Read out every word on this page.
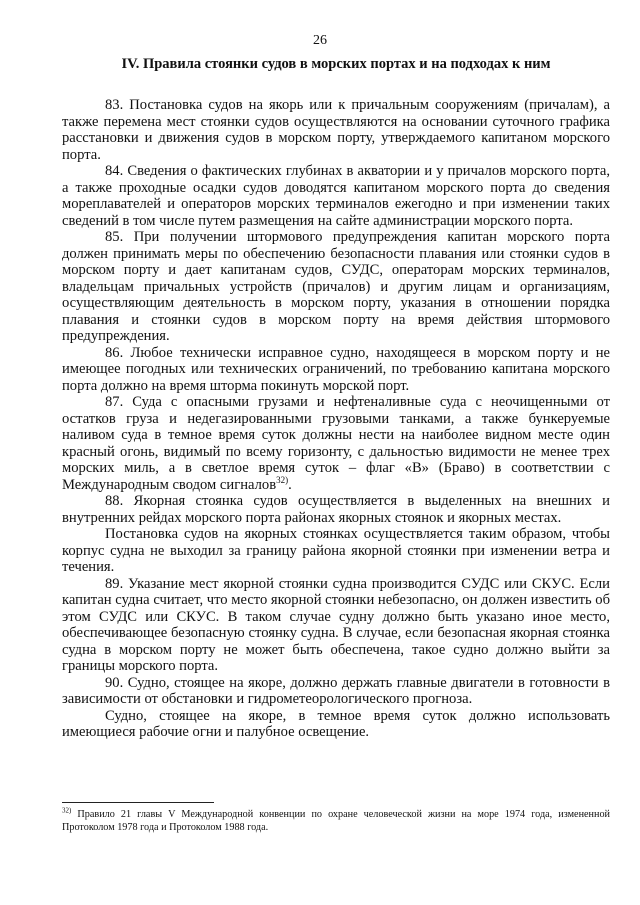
26
IV. Правила стоянки судов в морских портах и на подходах к ним

83. Постановка судов на якорь или к причальным сооружениям (причалам), а также перемена мест стоянки судов осуществляются на основании суточного графика расстановки и движения судов в морском порту, утверждаемого капитаном морского порта.

84. Сведения о фактических глубинах в акватории и у причалов морского порта, а также проходные осадки судов доводятся капитаном морского порта до сведения мореплавателей и операторов морских терминалов ежегодно и при изменении таких сведений в том числе путем размещения на сайте администрации морского порта.

85. При получении штормового предупреждения капитан морского порта должен принимать меры по обеспечению безопасности плавания или стоянки судов в морском порту и дает капитанам судов, СУДС, операторам морских терминалов, владельцам причальных устройств (причалов) и другим лицам и организациям, осуществляющим деятельность в морском порту, указания в отношении порядка плавания и стоянки судов в морском порту на время действия штормового предупреждения.

86. Любое технически исправное судно, находящееся в морском порту и не имеющее погодных или технических ограничений, по требованию капитана морского порта должно на время шторма покинуть морской порт.

87. Суда с опасными грузами и нефтеналивные суда с неочищенными от остатков груза и недегазированными грузовыми танками, а также бункеруемые наливом суда в темное время суток должны нести на наиболее видном месте один красный огонь, видимый по всему горизонту, с дальностью видимости не менее трех морских миль, а в светлое время суток – флаг «В» (Браво) в соответствии с Международным сводом сигналов$^{32)}$.

88. Якорная стоянка судов осуществляется в выделенных на внешних и внутренних рейдах морского порта районах якорных стоянок и якорных местах.

Постановка судов на якорных стоянках осуществляется таким образом, чтобы корпус судна не выходил за границу района якорной стоянки при изменении ветра и течения.

89. Указание мест якорной стоянки судна производится СУДС или СКУС. Если капитан судна считает, что место якорной стоянки небезопасно, он должен известить об этом СУДС или СКУС. В таком случае судну должно быть указано иное место, обеспечивающее безопасную стоянку судна. В случае, если безопасная якорная стоянка судна в морском порту не может быть обеспечена, такое судно должно выйти за границы морского порта.

90. Судно, стоящее на якоре, должно держать главные двигатели в готовности в зависимости от обстановки и гидрометеорологического прогноза.

Судно, стоящее на якоре, в темное время суток должно использовать имеющиеся рабочие огни и палубное освещение.

$^{32)}$ Правило 21 главы V Международной конвенции по охране человеческой жизни на море 1974 года, измененной Протоколом 1978 года и Протоколом 1988 года.
